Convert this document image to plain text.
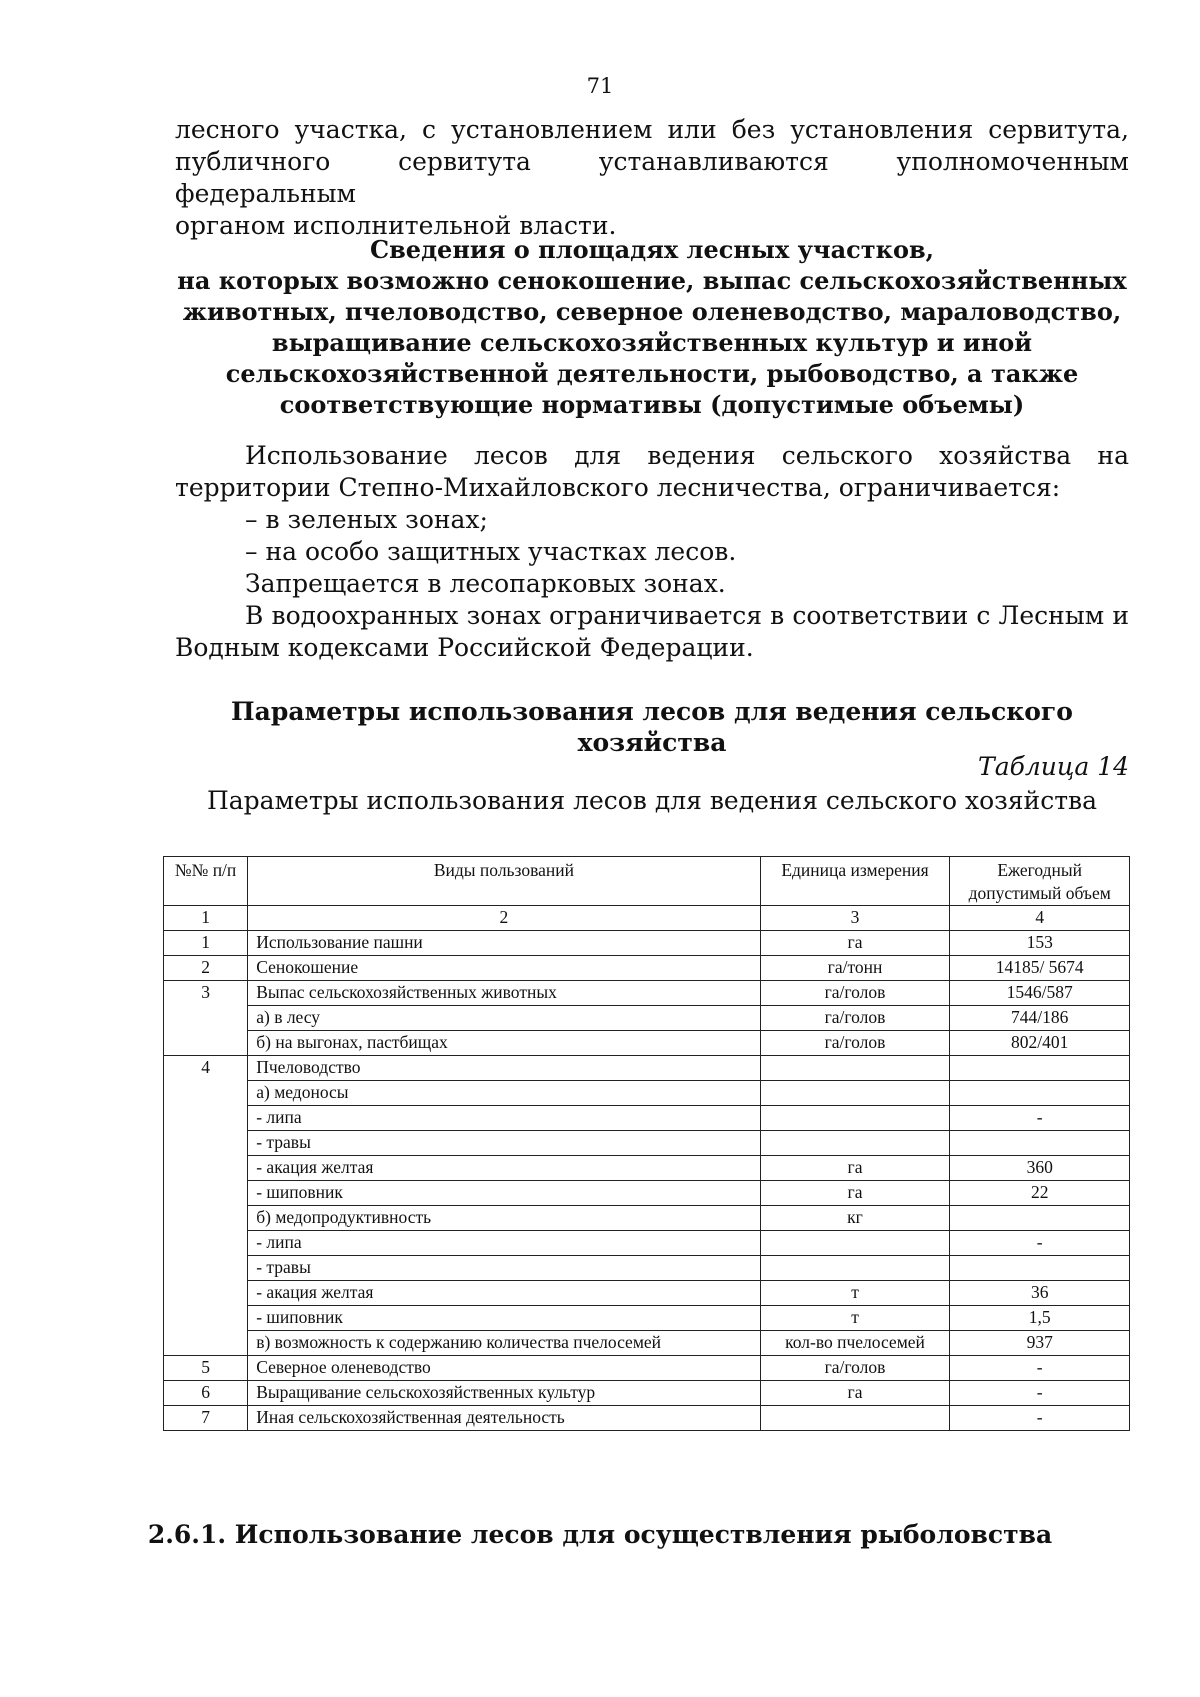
71
лесного участка, с установлением или без установления сервитута,
публичного сервитута устанавливаются уполномоченным федеральным
органом исполнительной власти.
Сведения о площадях лесных участков,
на которых возможно сенокошение, выпас сельскохозяйственных
животных, пчеловодство, северное оленеводство, мараловодство,
выращивание сельскохозяйственных культур и иной
сельскохозяйственной деятельности, рыбоводство, а также
соответствующие нормативы (допустимые объемы)

Использование лесов для ведения сельского хозяйства на территории Степно-Михайловского лесничества, ограничивается:

– в зеленых зонах;

– на особо защитных участках лесов.

Запрещается в лесопарковых зонах.

В водоохранных зонах ограничивается в соответствии с Лесным и Водным кодексами Российской Федерации.

Параметры использования лесов для ведения сельского хозяйства
Таблица 14
Параметры использования лесов для ведения сельского хозяйства
№№ п/п	Виды пользований	Единица измерения	Ежегодный допустимый объем
1	2	3	4
1	Использование пашни	га	153
2	Сенокошение	га/тонн	14185/ 5674
3	Выпас сельскохозяйственных животных	га/голов	1546/587
	а) в лесу	га/голов	744/186
	б) на выгонах, пастбищах	га/голов	802/401
4	Пчеловодство		
	а) медоносы		
	- липа		-
	- травы		
	- акация желтая	га	360
	- шиповник	га	22
	б) медопродуктивность	кг	
	- липа		-
	- травы		
	- акация желтая	т	36
	- шиповник	т	1,5
	в) возможность к содержанию количества пчелосемей	кол-во пчелосемей	937
5	Северное оленеводство	га/голов	-
6	Выращивание сельскохозяйственных культур	га	-
7	Иная сельскохозяйственная деятельность		-
2.6.1. Использование лесов для осуществления рыболовства
